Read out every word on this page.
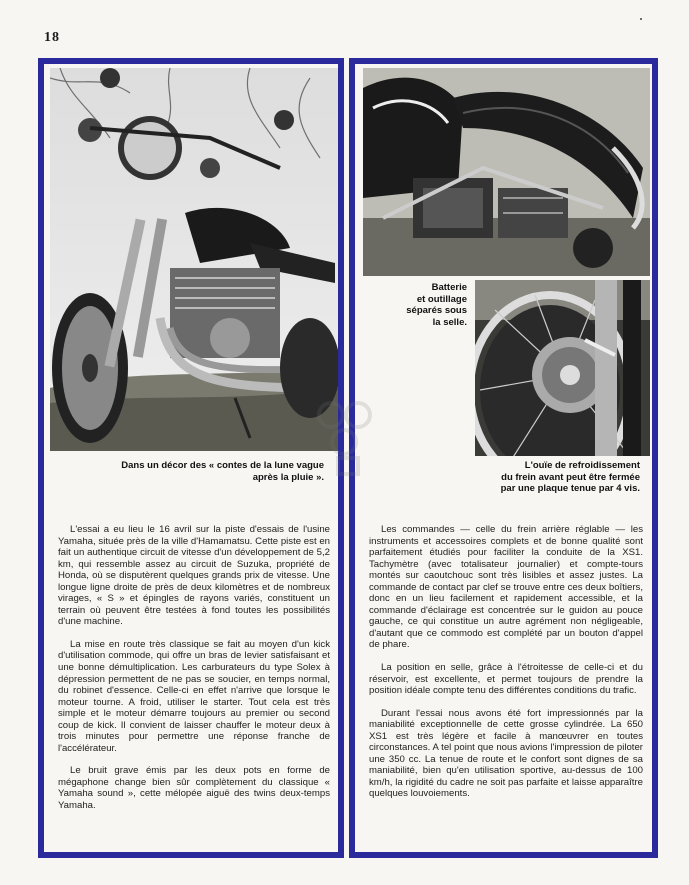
18
Dans un décor des « contes de la lune vague
après la pluie ».

L'essai a eu lieu le 16 avril sur la piste d'essais de l'usine Yamaha, située près de la ville d'Hamamatsu. Cette piste est en fait un authentique circuit de vitesse d'un développement de 5,2 km, qui ressemble assez au circuit de Suzuka, propriété de Honda, où se disputèrent quelques grands prix de vitesse. Une longue ligne droite de près de deux kilomètres et de nombreux virages, « S » et épingles de rayons variés, constituent un terrain où peuvent être testées à fond toutes les possibilités d'une machine.

La mise en route très classique se fait au moyen d'un kick d'utilisation commode, qui offre un bras de levier satisfaisant et une bonne démultiplication. Les carburateurs du type Solex à dépression permettent de ne pas se soucier, en temps normal, du robinet d'essence. Celle-ci en effet n'arrive que lorsque le moteur tourne. A froid, utiliser le starter. Tout cela est très simple et le moteur démarre toujours au premier ou second coup de kick. Il convient de laisser chauffer le moteur deux à trois minutes pour permettre une réponse franche de l'accélérateur.

Le bruit grave émis par les deux pots en forme de mégaphone change bien sûr complètement du classique « Yamaha sound », cette mélopée aiguë des twins deux-temps Yamaha.

Batterie
et outillage
séparés sous
la selle.
L'ouïe de refroidissement
du frein avant peut être fermée
par une plaque tenue par 4 vis.

Les commandes — celle du frein arrière réglable — les instruments et accessoires complets et de bonne qualité sont parfaitement étudiés pour faciliter la conduite de la XS1. Tachymètre (avec totalisateur journalier) et compte-tours montés sur caoutchouc sont très lisibles et assez justes. La commande de contact par clef se trouve entre ces deux boîtiers, donc en un lieu facilement et rapidement accessible, et la commande d'éclairage est concentrée sur le guidon au pouce gauche, ce qui constitue un autre agrément non négligeable, d'autant que ce commodo est complété par un bouton d'appel de phare.

La position en selle, grâce à l'étroitesse de celle-ci et du réservoir, est excellente, et permet toujours de prendre la position idéale compte tenu des différentes conditions du trafic.

Durant l'essai nous avons été fort impressionnés par la maniabilité exceptionnelle de cette grosse cylindrée. La 650 XS1 est très légère et facile à manœuvrer en toutes circonstances. A tel point que nous avions l'impression de piloter une 350 cc. La tenue de route et le confort sont dignes de sa maniabilité, bien qu'en utilisation sportive, au-dessus de 100 km/h, la rigidité du cadre ne soit pas parfaite et laisse apparaître quelques louvoiements.
